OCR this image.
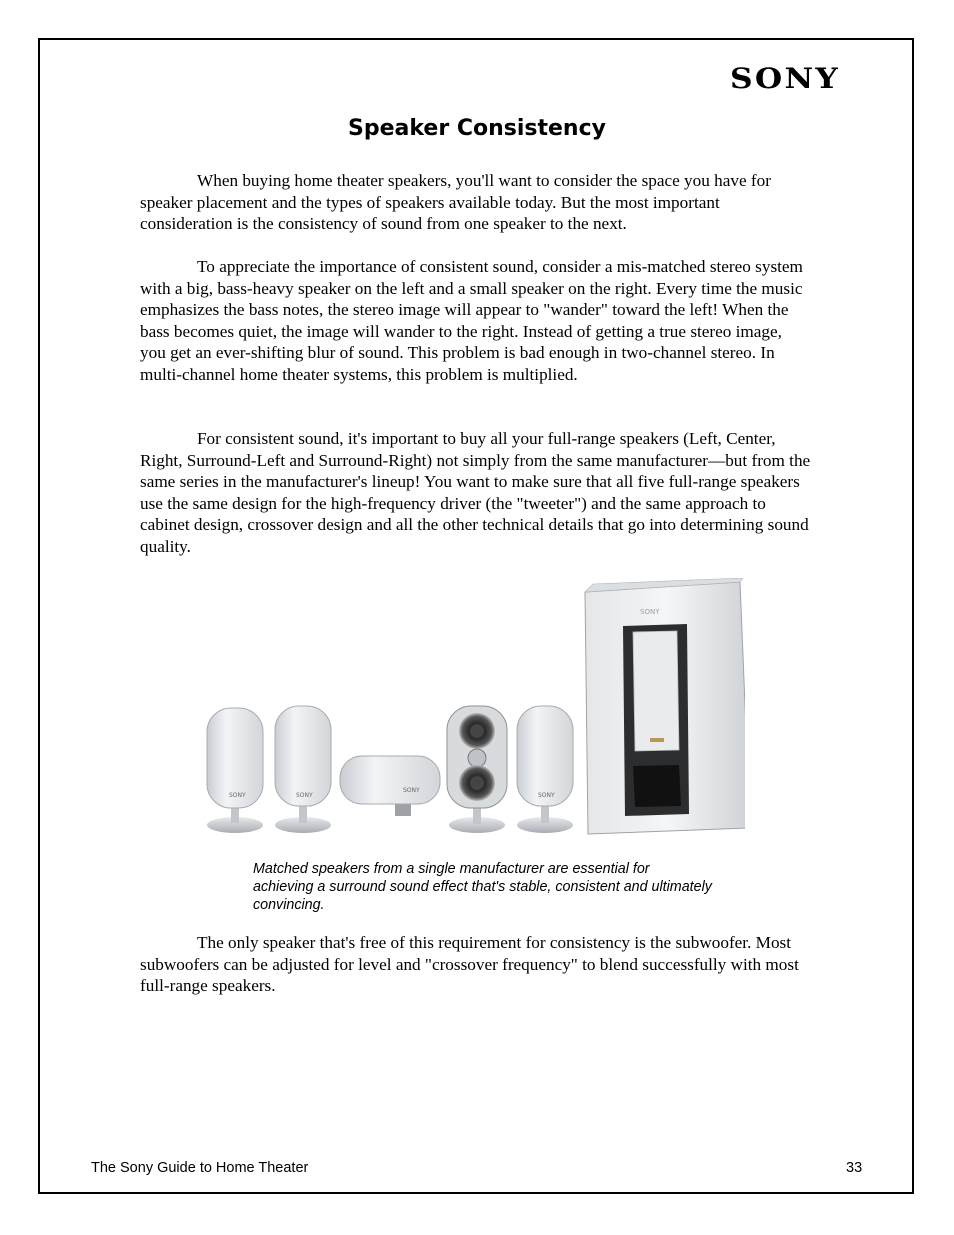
SONY
Speaker Consistency

When buying home theater speakers, you'll want to consider the space you have for speaker placement and the types of speakers available today. But the most important consideration is the consistency of sound from one speaker to the next.

To appreciate the importance of consistent sound, consider a mis-matched stereo system with a big, bass-heavy speaker on the left and a small speaker on the right. Every time the music emphasizes the bass notes, the stereo image will appear to "wander" toward the left! When the bass becomes quiet, the image will wander to the right. Instead of getting a true stereo image, you get an ever-shifting blur of sound. This problem is bad enough in two-channel stereo. In multi-channel home theater systems, this problem is multiplied.

For consistent sound, it's important to buy all your full-range speakers (Left, Center, Right, Surround-Left and Surround-Right) not simply from the same manufacturer—but from the same series in the manufacturer's lineup! You want to make sure that all five full-range speakers use the same design for the high-frequency driver (the "tweeter") and the same approach to cabinet design, crossover design and all the other technical details that go into determining sound quality.

SONY
SONY	SONY
SONY
SONY

Matched speakers from a single manufacturer are essential for achieving a surround sound effect that's stable, consistent and ultimately convincing.

The only speaker that's free of this requirement for consistency is the subwoofer. Most subwoofers can be adjusted for level and "crossover frequency" to blend successfully with most full-range speakers.

The Sony Guide to Home Theater	33
